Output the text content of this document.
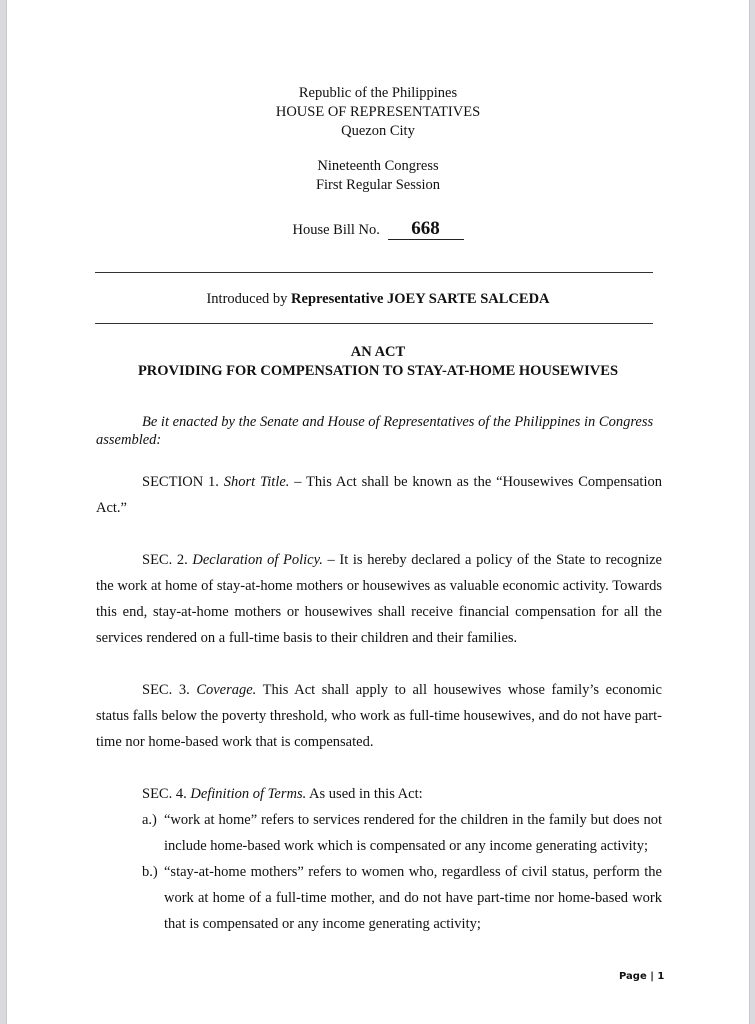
Republic of the Philippines
HOUSE OF REPRESENTATIVES
Quezon City
Nineteenth Congress
First Regular Session
House Bill No. 668
Introduced by Representative JOEY SARTE SALCEDA
AN ACT
PROVIDING FOR COMPENSATION TO STAY-AT-HOME HOUSEWIVES
Be it enacted by the Senate and House of Representatives of the Philippines in Congress
assembled:
SECTION 1. Short Title. – This Act shall be known as the “Housewives Compensation Act.”
SEC. 2. Declaration of Policy. – It is hereby declared a policy of the State to recognize the work at home of stay-at-home mothers or housewives as valuable economic activity. Towards this end, stay-at-home mothers or housewives shall receive financial compensation for all the services rendered on a full-time basis to their children and their families.
SEC. 3. Coverage. This Act shall apply to all housewives whose family’s economic status falls below the poverty threshold, who work as full-time housewives, and do not have part-time nor home-based work that is compensated.
SEC. 4. Definition of Terms. As used in this Act:
a.) “work at home” refers to services rendered for the children in the family but does not include home-based work which is compensated or any income generating activity;
b.) “stay-at-home mothers” refers to women who, regardless of civil status, perform the work at home of a full-time mother, and do not have part-time nor home-based work that is compensated or any income generating activity;
Page | 1
